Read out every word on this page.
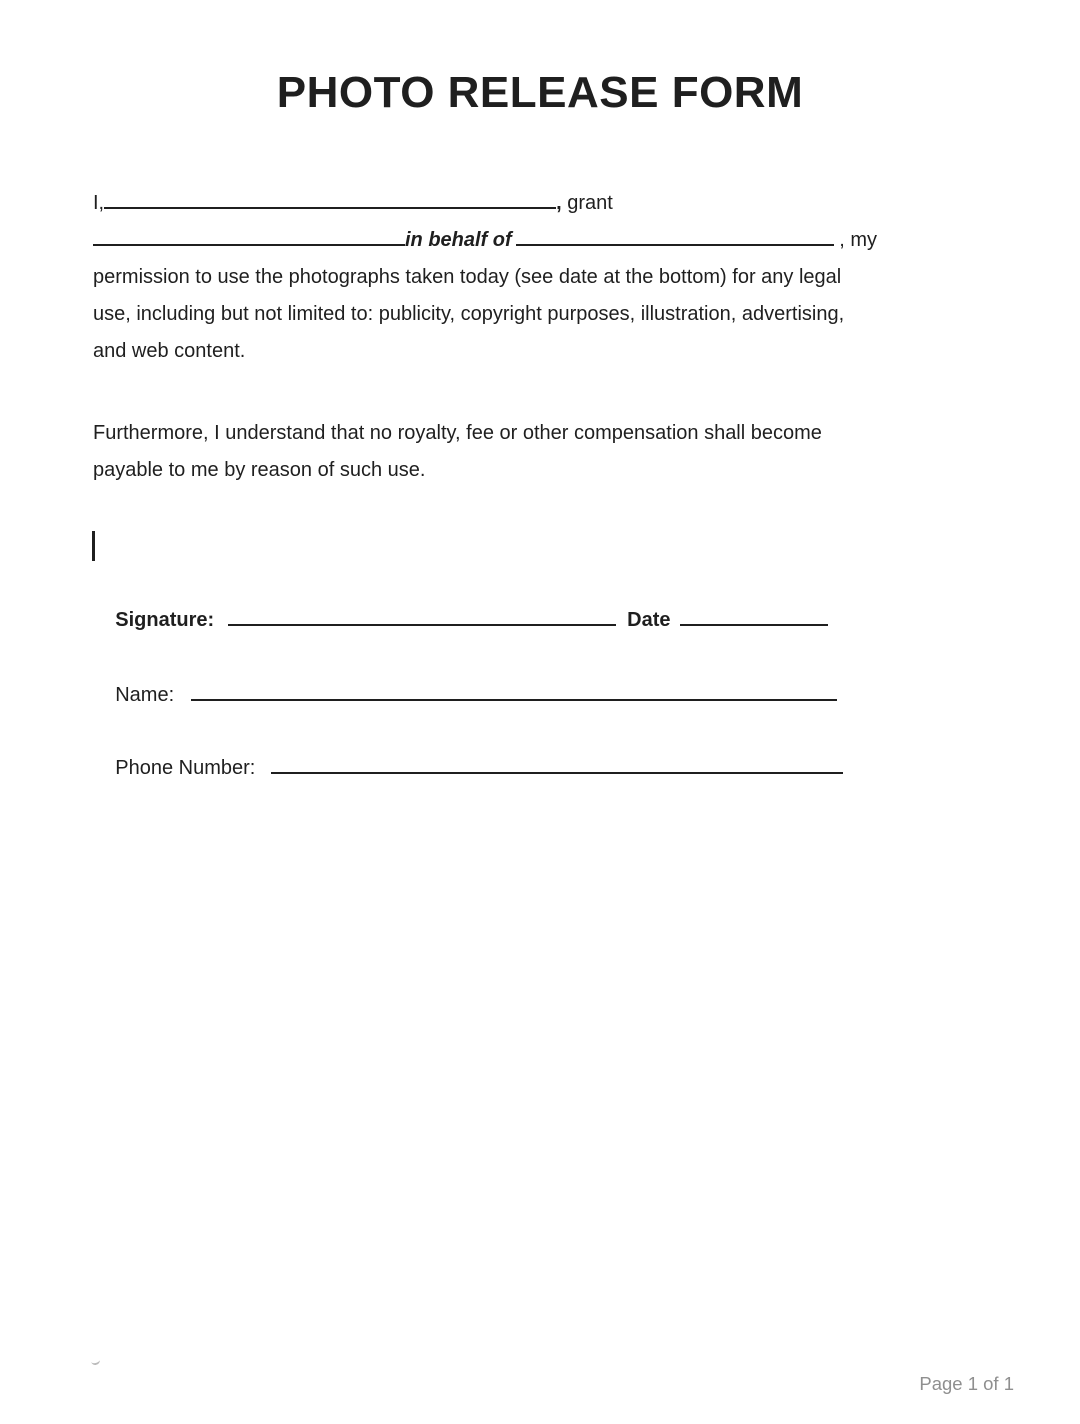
PHOTO RELEASE FORM
I,	, grant
in behalf of	, my
permission to use the photographs taken today (see date at the bottom) for any legal
use, including but not limited to: publicity, copyright purposes, illustration, advertising,
and web content.
Furthermore, I understand that no royalty, fee or other compensation shall become
payable to me by reason of such use.

Signature:	Date

Name:

Phone Number:

Page 1 of 1
